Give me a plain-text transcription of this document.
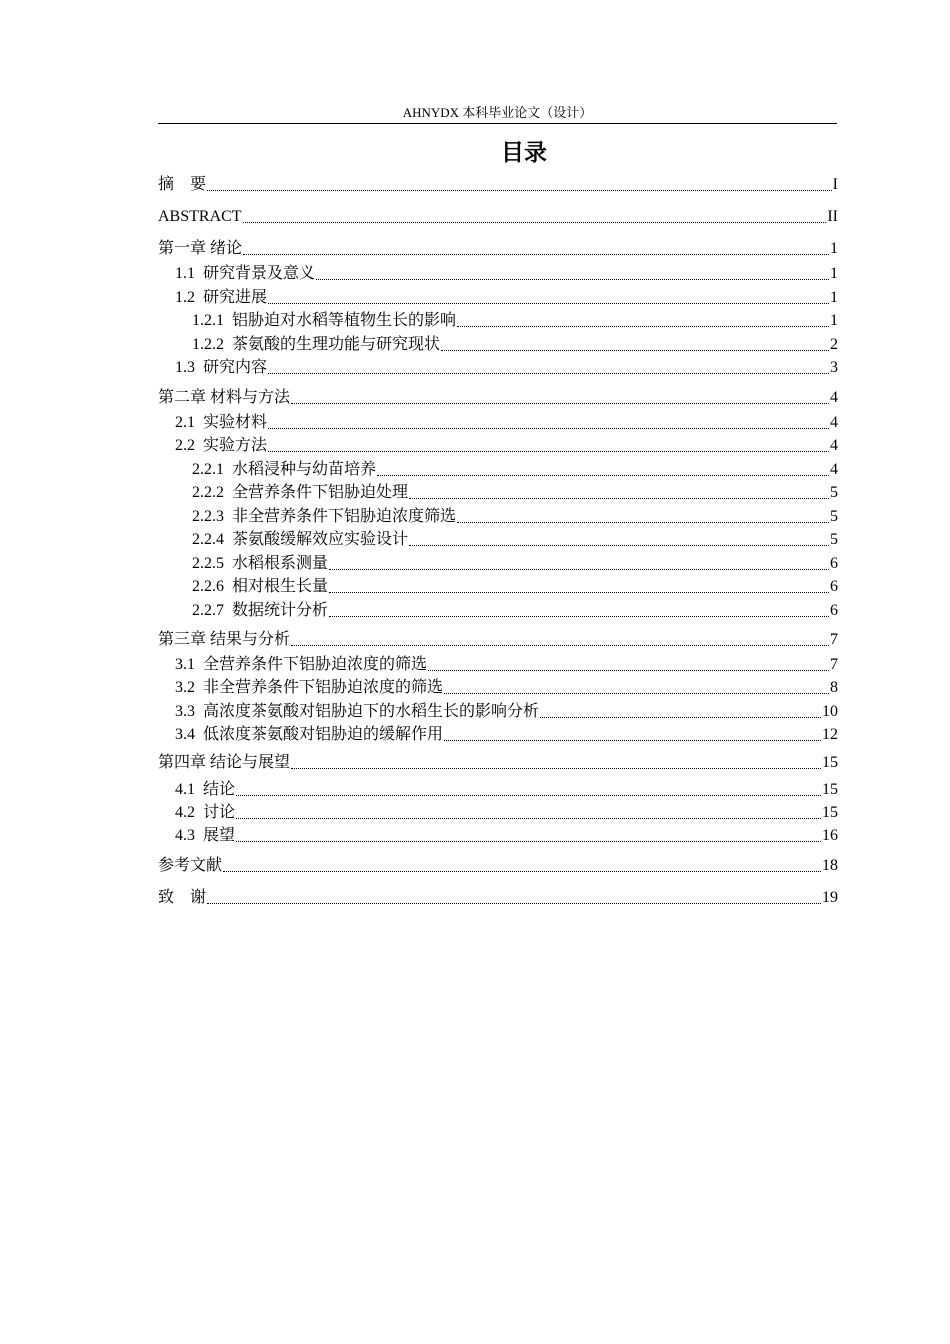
AHNYDX 本科毕业论文（设计）
目录
摘　要	I
ABSTRACT	II
第一章 绪论	1
1.1 研究背景及意义	1
1.2 研究进展	1
1.2.1 铝胁迫对水稻等植物生长的影响	1
1.2.2 茶氨酸的生理功能与研究现状	2
1.3 研究内容	3
第二章 材料与方法	4
2.1 实验材料	4
2.2 实验方法	4
2.2.1 水稻浸种与幼苗培养	4
2.2.2 全营养条件下铝胁迫处理	5
2.2.3 非全营养条件下铝胁迫浓度筛选	5
2.2.4 茶氨酸缓解效应实验设计	5
2.2.5 水稻根系测量	6
2.2.6 相对根生长量	6
2.2.7 数据统计分析	6
第三章 结果与分析	7
3.1 全营养条件下铝胁迫浓度的筛选	7
3.2 非全营养条件下铝胁迫浓度的筛选	8
3.3 高浓度茶氨酸对铝胁迫下的水稻生长的影响分析	10
3.4 低浓度茶氨酸对铝胁迫的缓解作用	12
第四章 结论与展望	15
4.1 结论	15
4.2 讨论	15
4.3 展望	16
参考文献	18
致　谢	19
